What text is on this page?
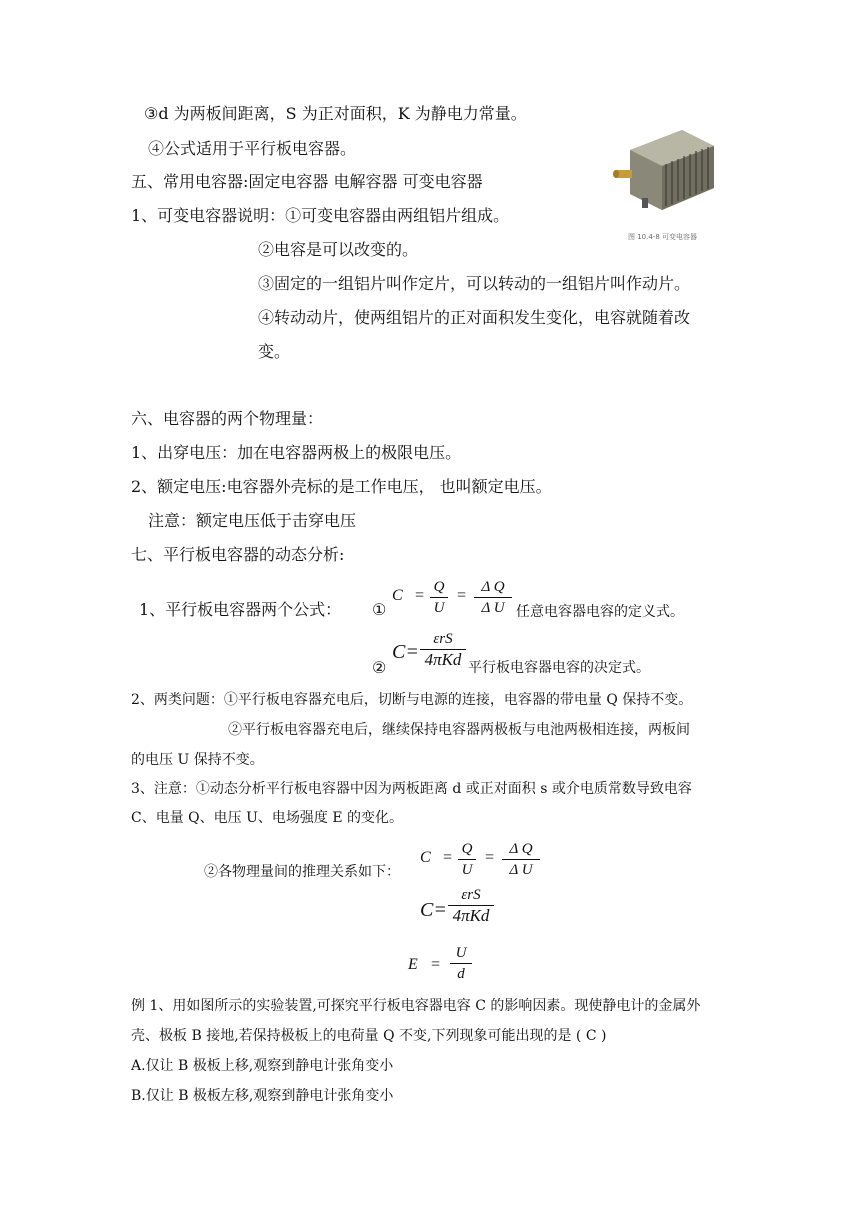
③d 为两板间距离，S 为正对面积，K 为静电力常量。
④公式适用于平行板电容器。
五、常用电容器:固定电容器 电解容器 可变电容器
1、可变电容器说明：①可变电容器由两组铝片组成。
②电容是可以改变的。
③固定的一组铝片叫作定片，可以转动的一组铝片叫作动片。
④转动动片，使两组铝片的正对面积发生变化，电容就随着改
变。
图 10.4-8 可变电容器
六、电容器的两个物理量：
1、出穿电压：加在电容器两极上的极限电压。
2、额定电压:电容器外壳标的是工作电压， 也叫额定电压。
注意：额定电压低于击穿电压
七、平行板电容器的动态分析:
1、平行板电容器两个公式： ①
C = Q
U
= Δ Q
Δ U 任意电容器电容的定义式。
②
C=
εrS
4πKd 平行板电容器电容的决定式。
2、两类问题：①平行板电容器充电后，切断与电源的连接，电容器的带电量 Q 保持不变。
②平行板电容器充电后，继续保持电容器两极板与电池两极相连接，两板间
的电压 U 保持不变。
3、注意：①动态分析平行板电容器中因为两板距离 d 或正对面积 s 或介电质常数导致电容
C、电量 Q、电压 U、电场强度 E 的变化。
②各物理量间的推理关系如下：
C = Q
U
= Δ Q
Δ U
C=
εrS
4πKd
E =
U
d
例 1、用如图所示的实验装置,可探究平行板电容器电容 C 的影响因素。现使静电计的金属外
壳、极板 B 接地,若保持极板上的电荷量 Q 不变,下列现象可能出现的是 ( C )
A.仅让 B 极板上移,观察到静电计张角变小
B.仅让 B 极板左移,观察到静电计张角变小
